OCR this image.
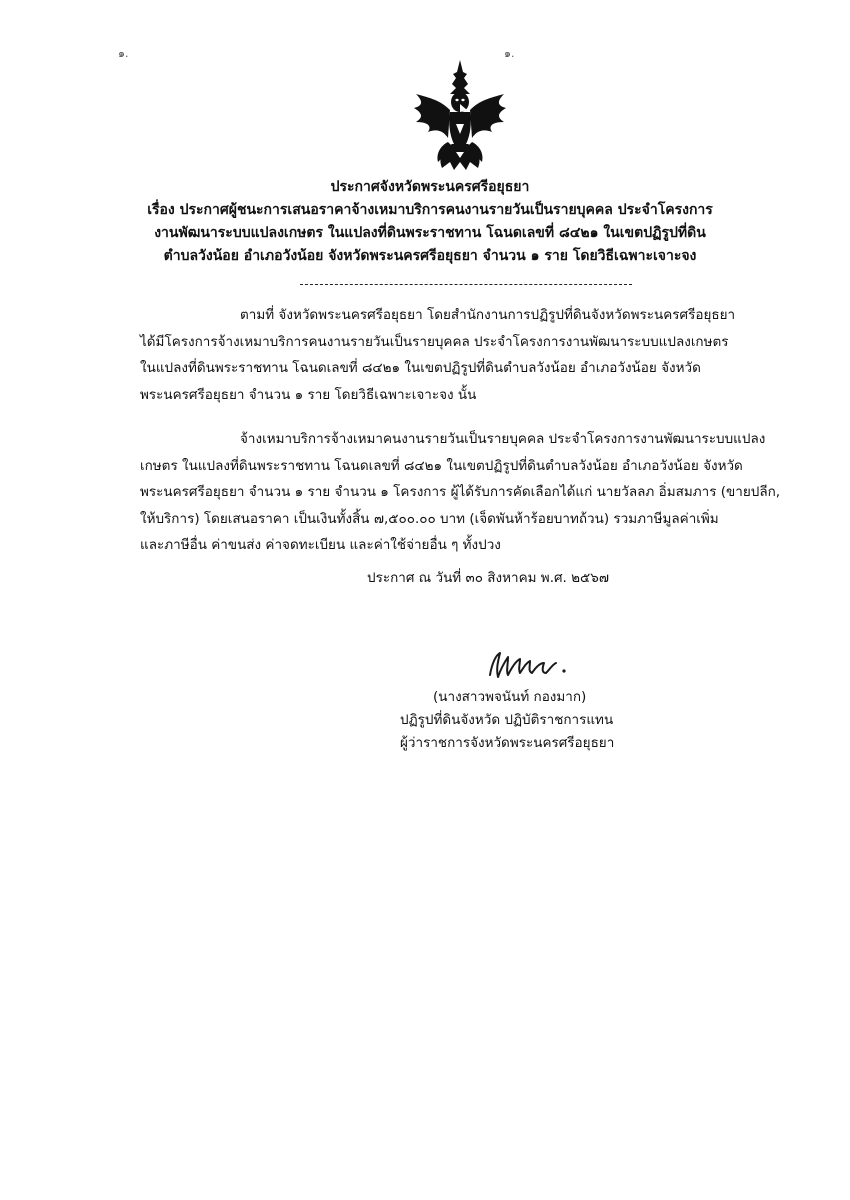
๑.	๑.
ประกาศจังหวัดพระนครศรีอยุธยา
เรื่อง ประกาศผู้ชนะการเสนอราคาจ้างเหมาบริการคนงานรายวันเป็นรายบุคคล ประจำโครงการ
งานพัฒนาระบบแปลงเกษตร ในแปลงที่ดินพระราชทาน โฉนดเลขที่ ๘๔๒๑ ในเขตปฏิรูปที่ดิน
ตำบลวังน้อย อำเภอวังน้อย จังหวัดพระนครศรีอยุธยา จำนวน ๑ ราย โดยวิธีเฉพาะเจาะจง
ตามที่ จังหวัดพระนครศรีอยุธยา โดยสำนักงานการปฏิรูปที่ดินจังหวัดพระนครศรีอยุธยา
ได้มีโครงการจ้างเหมาบริการคนงานรายวันเป็นรายบุคคล ประจำโครงการงานพัฒนาระบบแปลงเกษตร
ในแปลงที่ดินพระราชทาน โฉนดเลขที่ ๘๔๒๑ ในเขตปฏิรูปที่ดินตำบลวังน้อย อำเภอวังน้อย จังหวัด
พระนครศรีอยุธยา จำนวน ๑ ราย โดยวิธีเฉพาะเจาะจง นั้น
จ้างเหมาบริการจ้างเหมาคนงานรายวันเป็นรายบุคคล ประจำโครงการงานพัฒนาระบบแปลง
เกษตร ในแปลงที่ดินพระราชทาน โฉนดเลขที่ ๘๔๒๑ ในเขตปฏิรูปที่ดินตำบลวังน้อย อำเภอวังน้อย จังหวัด
พระนครศรีอยุธยา จำนวน ๑ ราย จำนวน ๑ โครงการ ผู้ได้รับการคัดเลือกได้แก่ นายวัลลภ อิ่มสมภาร (ขายปลีก,
ให้บริการ) โดยเสนอราคา เป็นเงินทั้งสิ้น ๗,๕๐๐.๐๐ บาท (เจ็ดพันห้าร้อยบาทถ้วน) รวมภาษีมูลค่าเพิ่ม
และภาษีอื่น ค่าขนส่ง ค่าจดทะเบียน และค่าใช้จ่ายอื่น ๆ ทั้งปวง
ประกาศ ณ วันที่ ๓๐ สิงหาคม พ.ศ. ๒๕๖๗
(นางสาวพจนันท์ กองมาก)
ปฏิรูปที่ดินจังหวัด ปฏิบัติราชการแทน
ผู้ว่าราชการจังหวัดพระนครศรีอยุธยา
